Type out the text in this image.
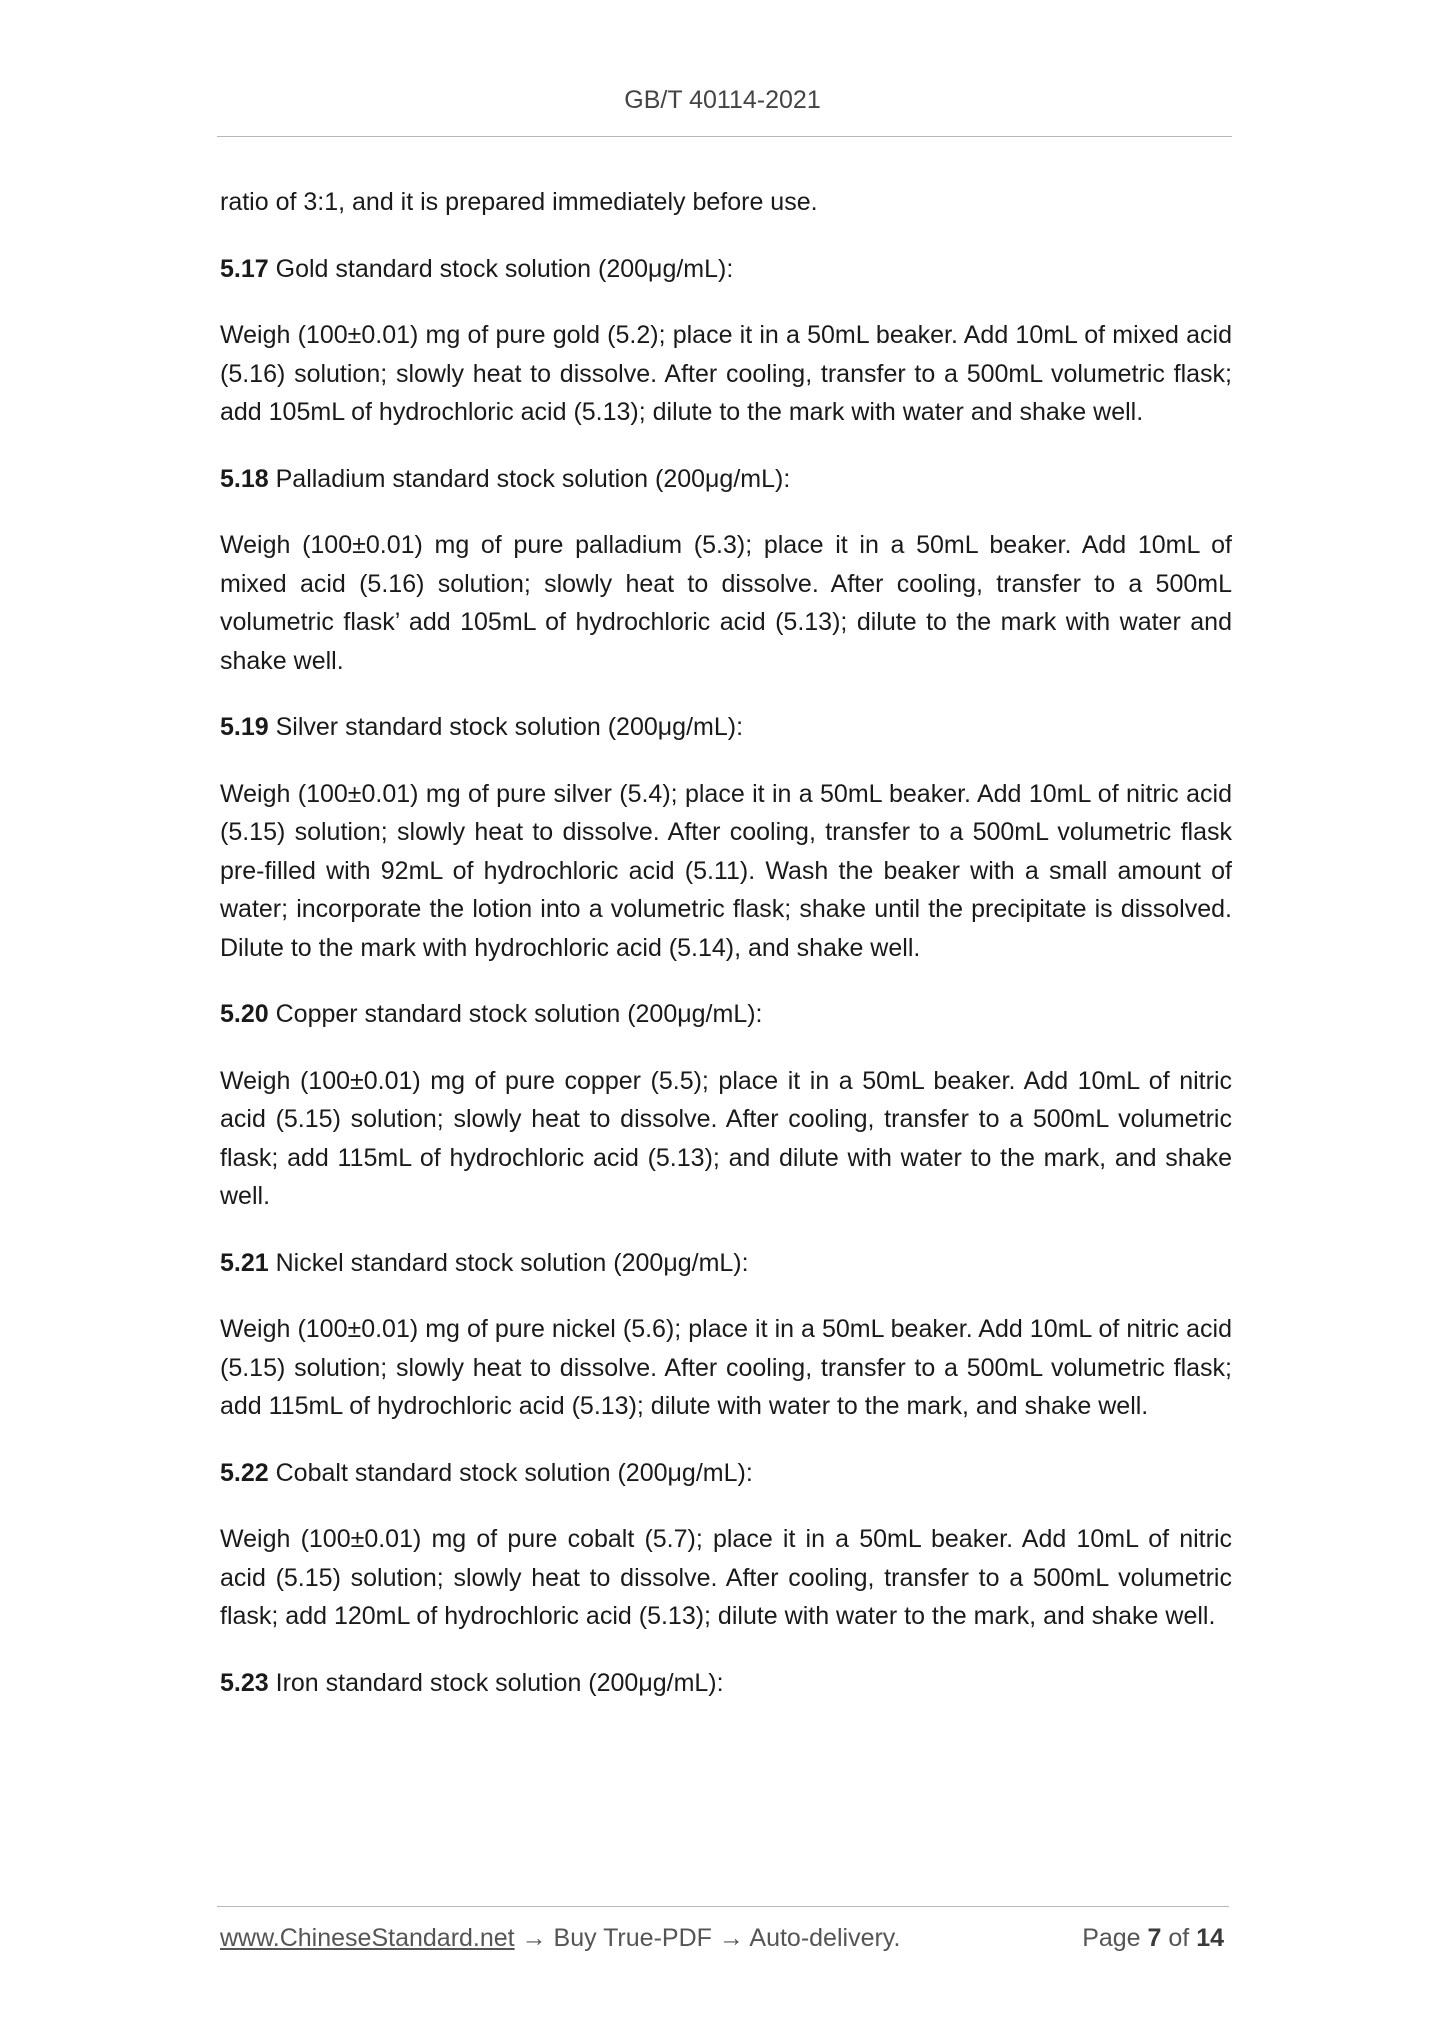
GB/T 40114-2021

ratio of 3:1, and it is prepared immediately before use.

5.17 Gold standard stock solution (200μg/mL):

Weigh (100±0.01) mg of pure gold (5.2); place it in a 50mL beaker. Add 10mL of mixed acid (5.16) solution; slowly heat to dissolve. After cooling, transfer to a 500mL volumetric flask; add 105mL of hydrochloric acid (5.13); dilute to the mark with water and shake well.

5.18 Palladium standard stock solution (200μg/mL):

Weigh (100±0.01) mg of pure palladium (5.3); place it in a 50mL beaker. Add 10mL of mixed acid (5.16) solution; slowly heat to dissolve. After cooling, transfer to a 500mL volumetric flask’ add 105mL of hydrochloric acid (5.13); dilute to the mark with water and shake well.

5.19 Silver standard stock solution (200μg/mL):

Weigh (100±0.01) mg of pure silver (5.4); place it in a 50mL beaker. Add 10mL of nitric acid (5.15) solution; slowly heat to dissolve. After cooling, transfer to a 500mL volumetric flask pre-filled with 92mL of hydrochloric acid (5.11). Wash the beaker with a small amount of water; incorporate the lotion into a volumetric flask; shake until the precipitate is dissolved. Dilute to the mark with hydrochloric acid (5.14), and shake well.

5.20 Copper standard stock solution (200μg/mL):

Weigh (100±0.01) mg of pure copper (5.5); place it in a 50mL beaker. Add 10mL of nitric acid (5.15) solution; slowly heat to dissolve. After cooling, transfer to a 500mL volumetric flask; add 115mL of hydrochloric acid (5.13); and dilute with water to the mark, and shake well.

5.21 Nickel standard stock solution (200μg/mL):

Weigh (100±0.01) mg of pure nickel (5.6); place it in a 50mL beaker. Add 10mL of nitric acid (5.15) solution; slowly heat to dissolve. After cooling, transfer to a 500mL volumetric flask; add 115mL of hydrochloric acid (5.13); dilute with water to the mark, and shake well.

5.22 Cobalt standard stock solution (200μg/mL):

Weigh (100±0.01) mg of pure cobalt (5.7); place it in a 50mL beaker. Add 10mL of nitric acid (5.15) solution; slowly heat to dissolve. After cooling, transfer to a 500mL volumetric flask; add 120mL of hydrochloric acid (5.13); dilute with water to the mark, and shake well.

5.23 Iron standard stock solution (200μg/mL):

www.ChineseStandard.net → Buy True-PDF → Auto-delivery.	Page 7 of 14
